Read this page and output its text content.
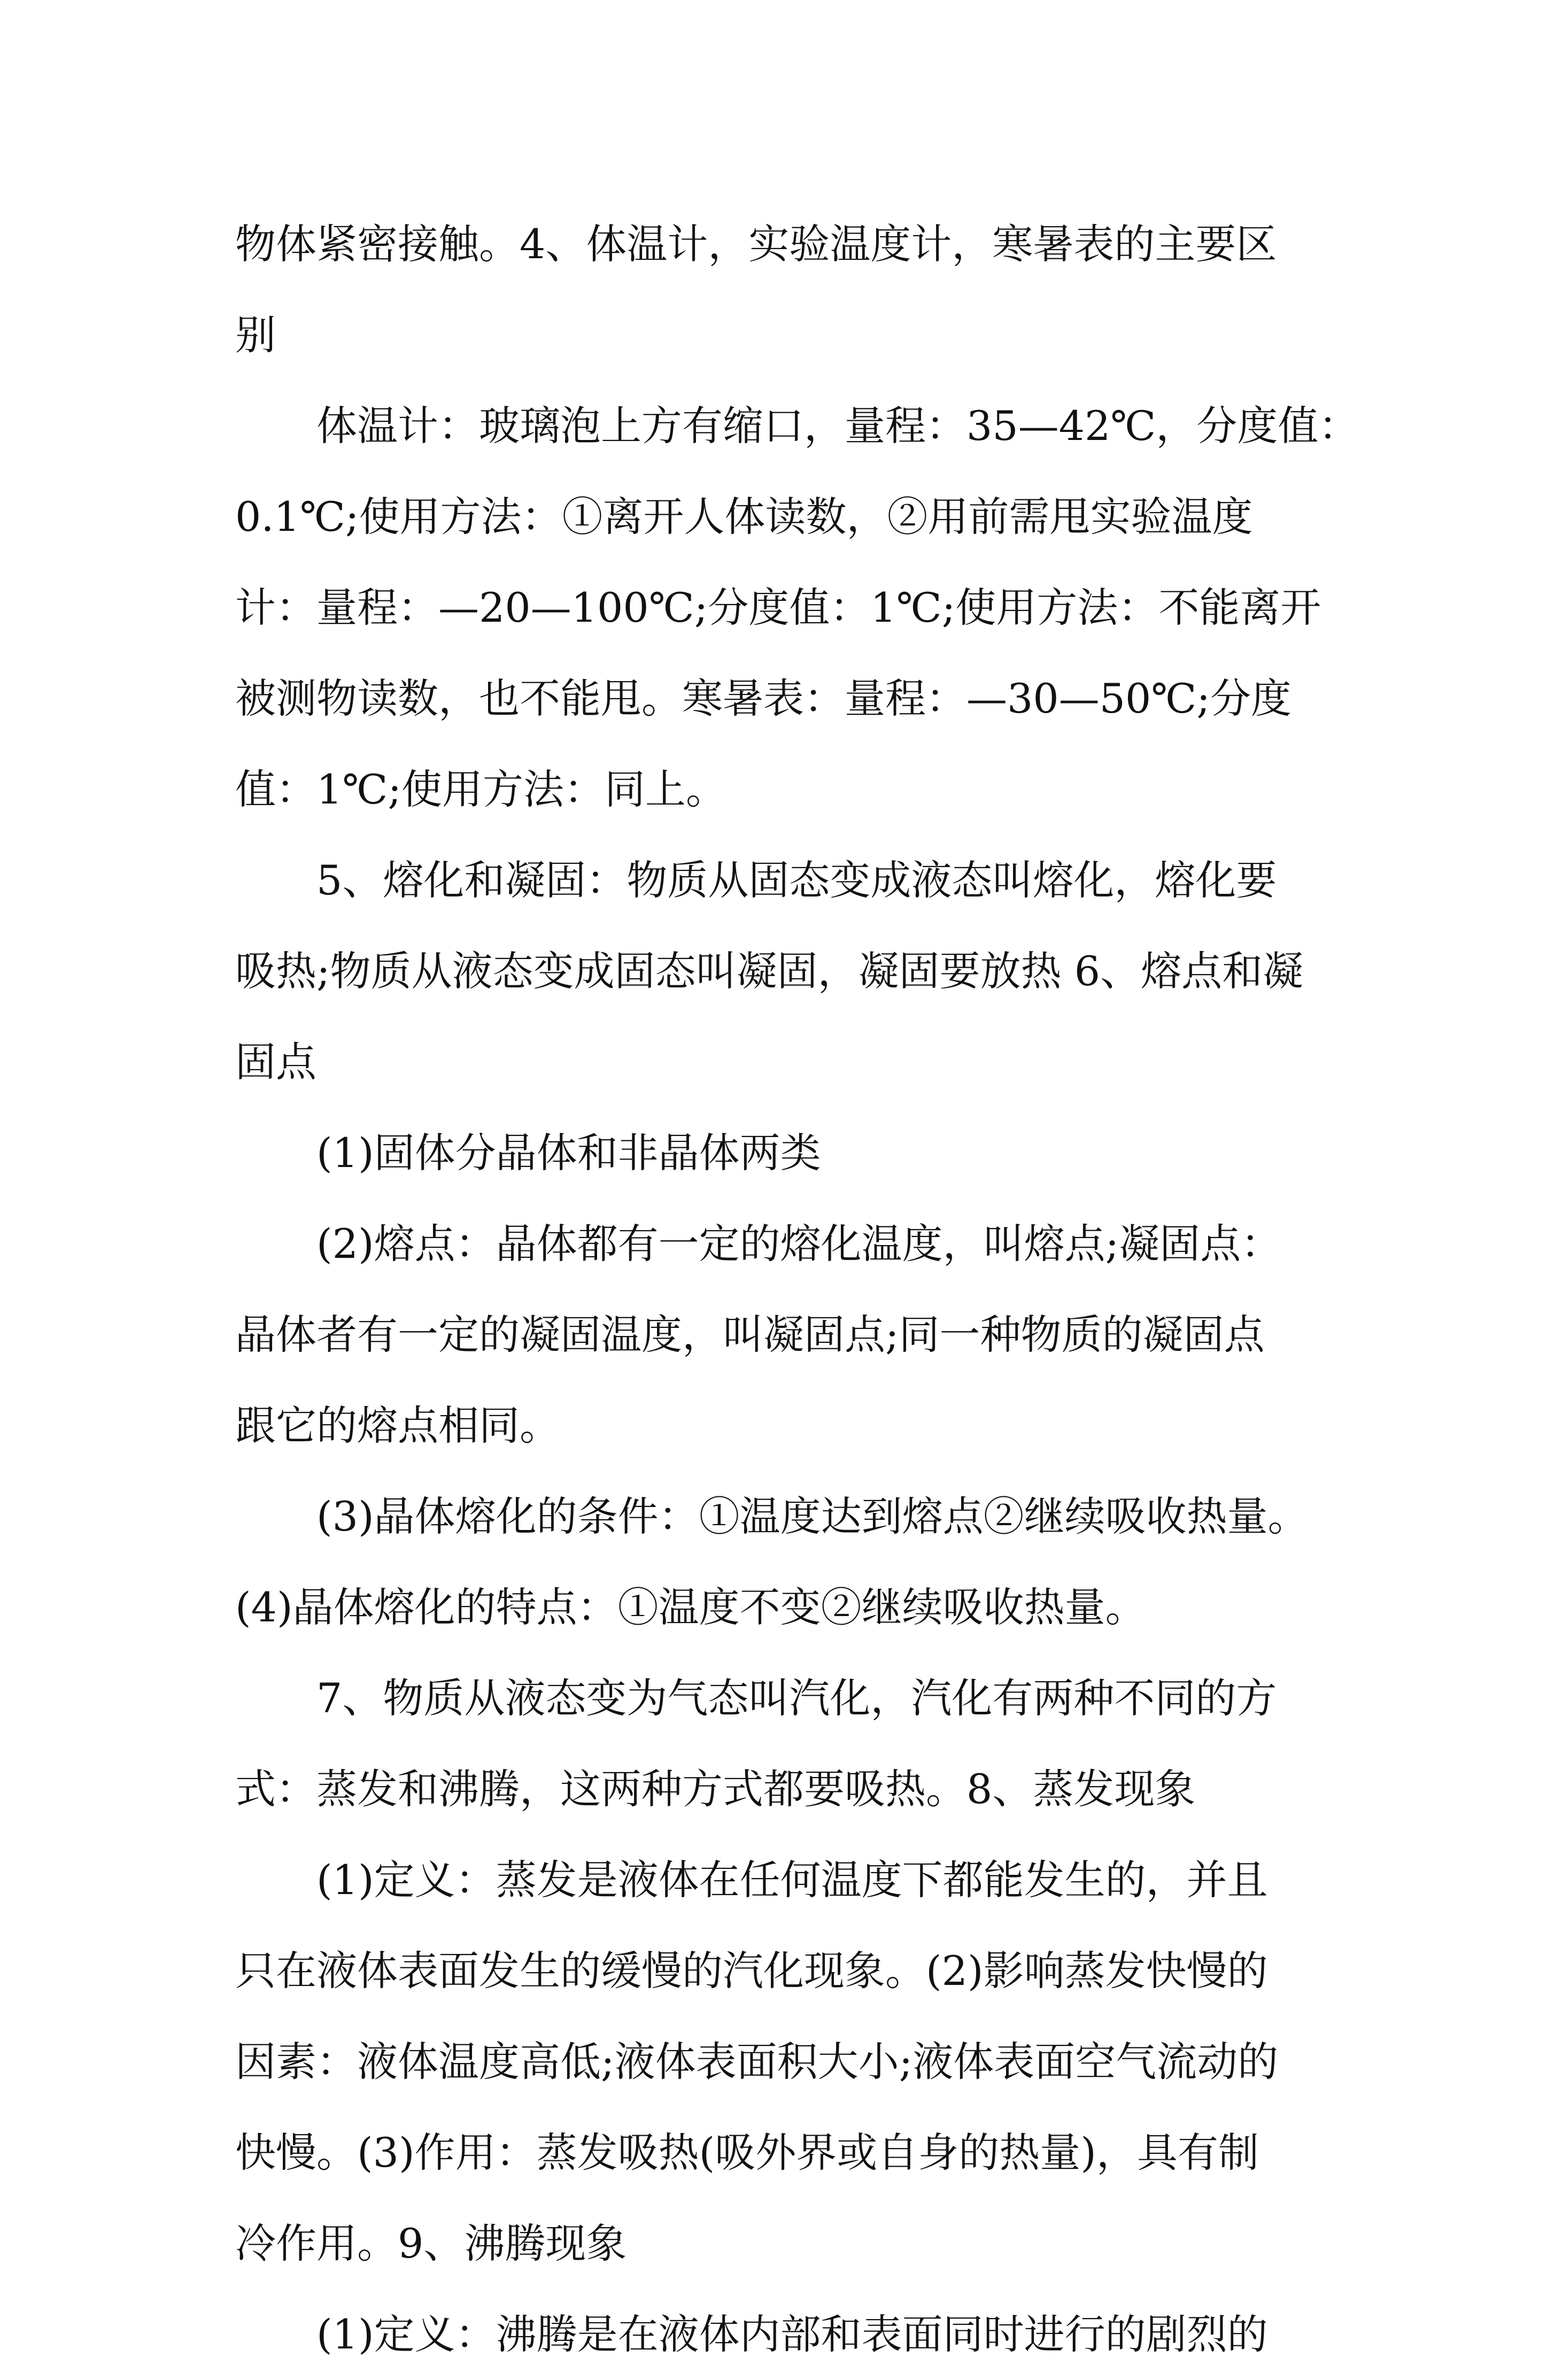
物体紧密接触。4、体温计，实验温度计，寒暑表的主要区
别
体温计：玻璃泡上方有缩口，量程：35—42℃，分度值：
0.1℃;使用方法：①离开人体读数，②用前需甩实验温度
计：量程：—20—100℃;分度值：1℃;使用方法：不能离开
被测物读数，也不能甩。寒暑表：量程：—30—50℃;分度
值：1℃;使用方法：同上。
5、熔化和凝固：物质从固态变成液态叫熔化，熔化要
吸热;物质从液态变成固态叫凝固，凝固要放热 6、熔点和凝
固点
(1)固体分晶体和非晶体两类
(2)熔点：晶体都有一定的熔化温度，叫熔点;凝固点：
晶体者有一定的凝固温度，叫凝固点;同一种物质的凝固点
跟它的熔点相同。
(3)晶体熔化的条件：①温度达到熔点②继续吸收热量。
(4)晶体熔化的特点：①温度不变②继续吸收热量。
7、物质从液态变为气态叫汽化，汽化有两种不同的方
式：蒸发和沸腾，这两种方式都要吸热。8、蒸发现象
(1)定义：蒸发是液体在任何温度下都能发生的，并且
只在液体表面发生的缓慢的汽化现象。(2)影响蒸发快慢的
因素：液体温度高低;液体表面积大小;液体表面空气流动的
快慢。(3)作用：蒸发吸热(吸外界或自身的热量)，具有制
冷作用。9、沸腾现象
(1)定义：沸腾是在液体内部和表面同时进行的剧烈的
